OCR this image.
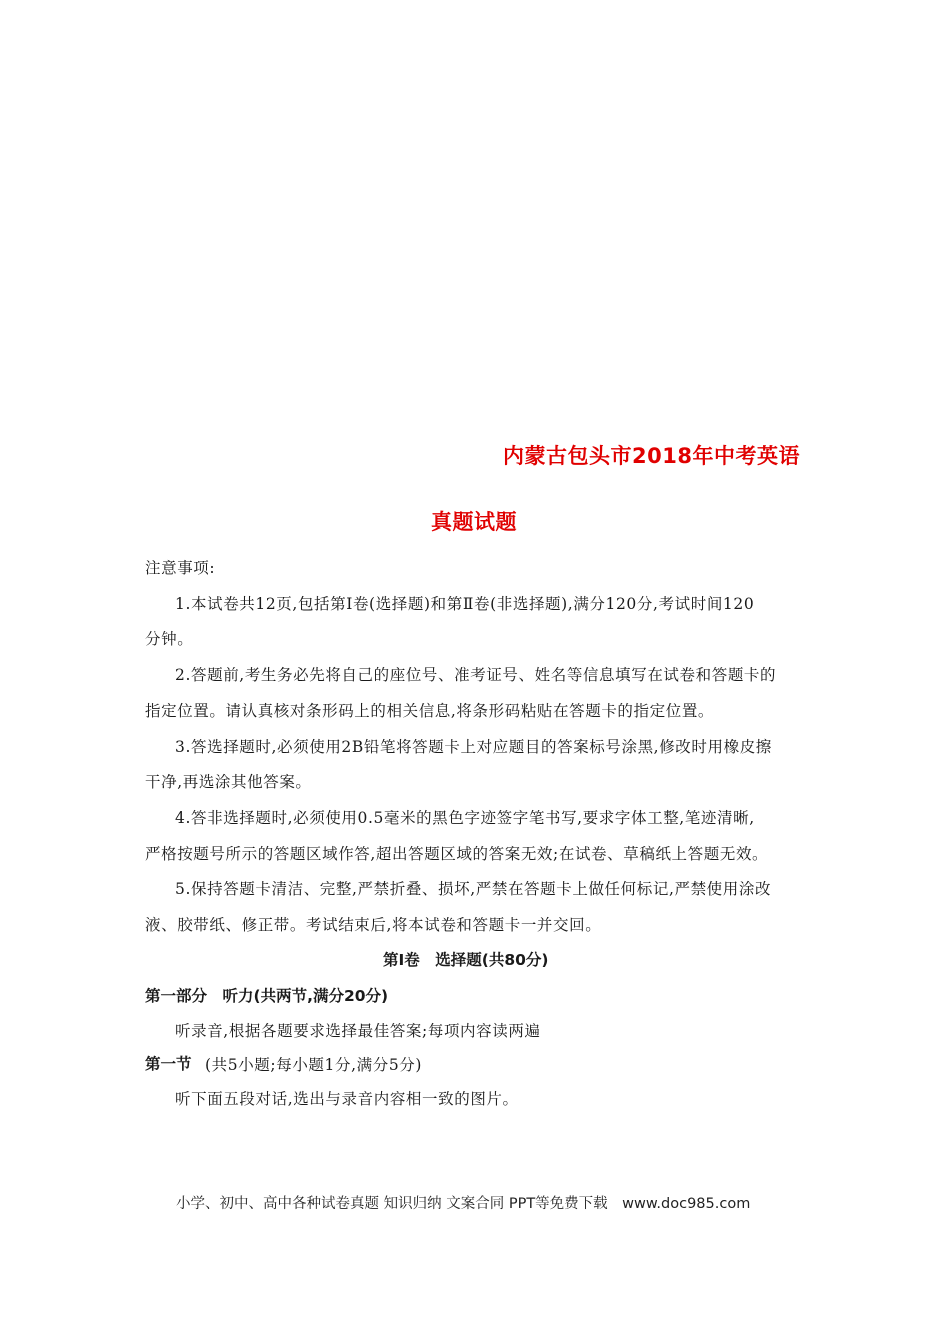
内蒙古包头市2018年中考英语
真题试题
注意事项:
1.本试卷共12页,包括第Ⅰ卷(选择题)和第Ⅱ卷(非选择题),满分120分,考试时间120
分钟。
2.答题前,考生务必先将自己的座位号、准考证号、姓名等信息填写在试卷和答题卡的
指定位置。请认真核对条形码上的相关信息,将条形码粘贴在答题卡的指定位置。
3.答选择题时,必须使用2B铅笔将答题卡上对应题目的答案标号涂黑,修改时用橡皮擦
干净,再选涂其他答案。
4.答非选择题时,必须使用0.5毫米的黑色字迹签字笔书写,要求字体工整,笔迹清晰,
严格按题号所示的答题区域作答,超出答题区域的答案无效;在试卷、草稿纸上答题无效。
5.保持答题卡清洁、完整,严禁折叠、损坏,严禁在答题卡上做任何标记,严禁使用涂改
液、胶带纸、修正带。考试结束后,将本试卷和答题卡一并交回。
第Ⅰ卷　选择题(共80分)
第一部分　听力(共两节,满分20分)
听录音,根据各题要求选择最佳答案;每项内容读两遍
第一节 (共5小题;每小题1分,满分5分)
听下面五段对话,选出与录音内容相一致的图片。
小学、初中、高中各种试卷真题 知识归纳 文案合同 PPT等免费下载　www.doc985.com
